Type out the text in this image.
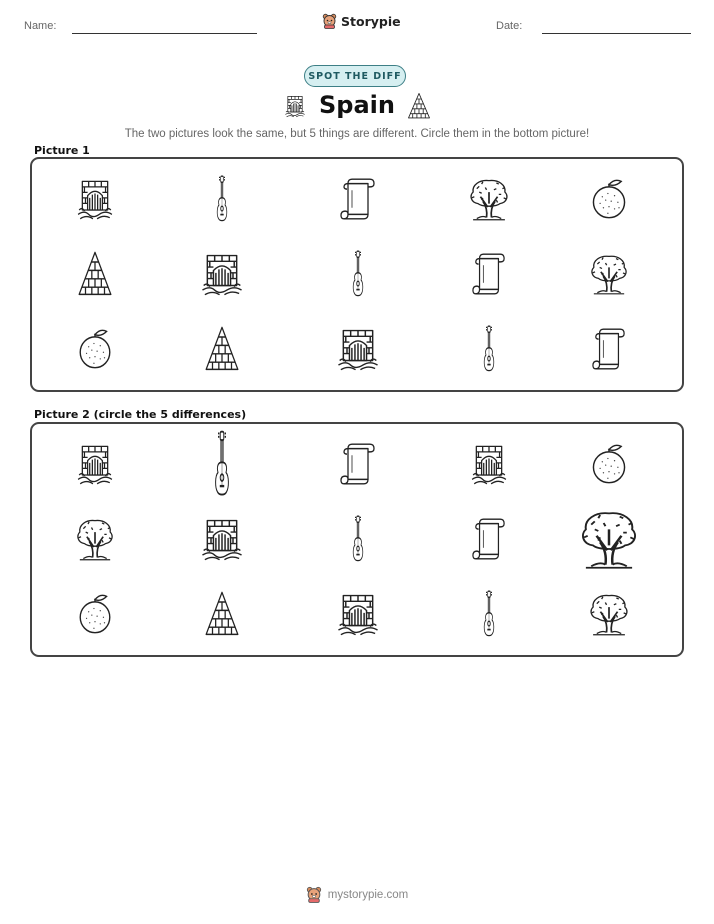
Name:	Storypie	Date:
SPOT THE DIFF
Spain
The two pictures look the same, but 5 things are different. Circle them in the bottom picture!
Picture 1
Picture 2 (circle the 5 differences)
mystorypie.com
